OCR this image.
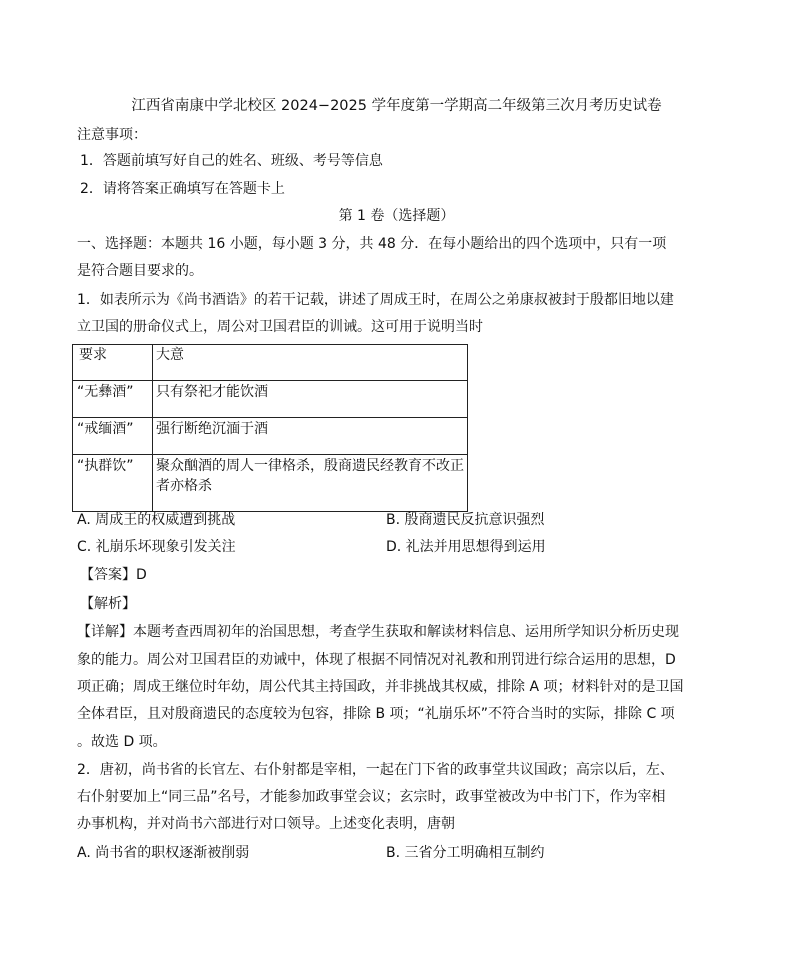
江西省南康中学北校区 2024−2025 学年度第一学期高二年级第三次月考历史试卷
注意事项：
1．答题前填写好自己的姓名、班级、考号等信息
2．请将答案正确填写在答题卡上
第 1 卷（选择题）
一、选择题：本题共 16 小题，每小题 3 分，共 48 分．在每小题给出的四个选项中，只有一项
是符合题目要求的。
1．如表所示为《尚书酒诰》的若干记载，讲述了周成王时，在周公之弟康叔被封于殷都旧地以建
立卫国的册命仪式上，周公对卫国君臣的训诫。这可用于说明当时
要求	大意
“无彝酒”	只有祭祀才能饮酒
“戒缅酒”	强行断绝沉湎于酒
“执群饮”	聚众酗酒的周人一律格杀，殷商遗民经教育不改正者亦格杀
A. 周成王的权威遭到挑战	B. 殷商遗民反抗意识强烈
C. 礼崩乐坏现象引发关注	D. 礼法并用思想得到运用
【答案】D
【解析】
【详解】本题考查西周初年的治国思想，考查学生获取和解读材料信息、运用所学知识分析历史现
象的能力。周公对卫国君臣的劝诫中，体现了根据不同情况对礼教和刑罚进行综合运用的思想，D
项正确；周成王继位时年幼，周公代其主持国政，并非挑战其权威，排除 A 项；材料针对的是卫国
全体君臣，且对殷商遗民的态度较为包容，排除 B 项；“礼崩乐坏”不符合当时的实际，排除 C 项
。故选 D 项。
2．唐初，尚书省的长官左、右仆射都是宰相，一起在门下省的政事堂共议国政；高宗以后，左、
右仆射要加上“同三品”名号，才能参加政事堂会议；玄宗时，政事堂被改为中书门下，作为宰相
办事机构，并对尚书六部进行对口领导。上述变化表明，唐朝
A. 尚书省的职权逐渐被削弱	B. 三省分工明确相互制约
